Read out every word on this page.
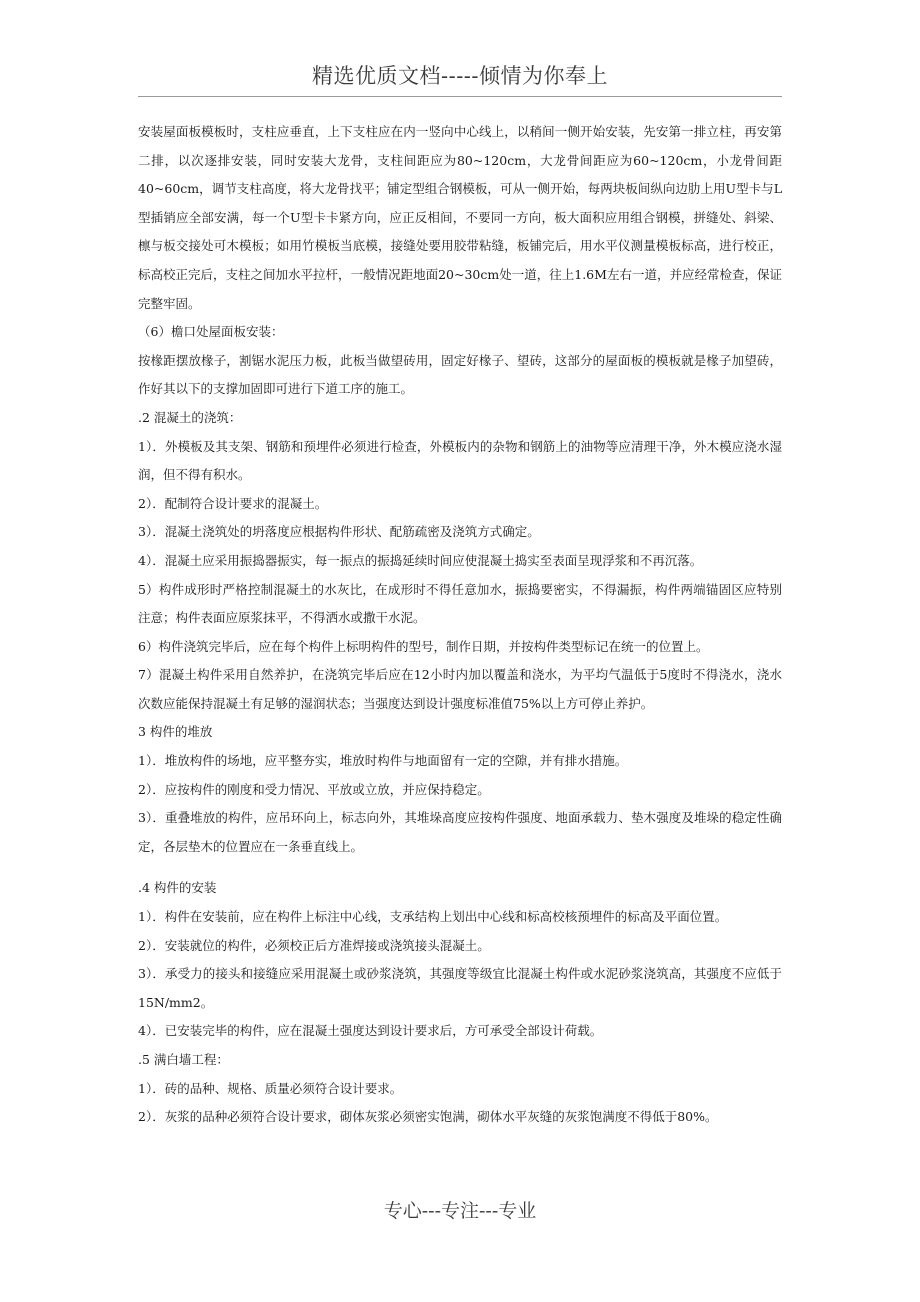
精选优质文档-----倾情为你奉上

安装屋面板模板时，支柱应垂直，上下支柱应在内一竖向中心线上，以稍间一侧开始安装，先安第一排立柱，再安第二排，以次逐排安装，同时安装大龙骨，支柱间距应为80~120cm，大龙骨间距应为60~120cm，小龙骨间距40~60cm，调节支柱高度，将大龙骨找平；铺定型组合钢模板，可从一侧开始，每两块板间纵向边肋上用U型卡与L型插销应全部安满，每一个U型卡卡紧方向，应正反相间，不要同一方向，板大面积应用组合钢模，拼缝处、斜梁、檩与板交接处可木模板；如用竹模板当底模，接缝处要用胶带粘缝，板铺完后，用水平仪测量模板标高，进行校正，标高校正完后，支柱之间加水平拉杆，一般情况距地面20~30cm处一道，往上1.6M左右一道，并应经常检查，保证完整牢固。

（6）檐口处屋面板安装：

按椽距摆放椽子，割锯水泥压力板，此板当做望砖用，固定好椽子、望砖，这部分的屋面板的模板就是椽子加望砖，作好其以下的支撑加固即可进行下道工序的施工。

.2 混凝土的浇筑：

1）．外模板及其支架、钢筋和预埋件必须进行检查，外模板内的杂物和钢筋上的油物等应清理干净，外木模应浇水湿润，但不得有积水。

2）．配制符合设计要求的混凝土。

3）．混凝土浇筑处的坍落度应根据构件形状、配筋疏密及浇筑方式确定。

4）．混凝土应采用振捣器振实，每一振点的振捣延续时间应使混凝土捣实至表面呈现浮浆和不再沉落。

5）构件成形时严格控制混凝土的水灰比，在成形时不得任意加水，振捣要密实，不得漏振，构件两端锚固区应特别注意；构件表面应原浆抹平，不得洒水或撒干水泥。

6）构件浇筑完毕后，应在每个构件上标明构件的型号，制作日期，并按构件类型标记在统一的位置上。

7）混凝土构件采用自然养护，在浇筑完毕后应在12小时内加以覆盖和浇水，为平均气温低于5度时不得浇水，浇水次数应能保持混凝土有足够的湿润状态；当强度达到设计强度标准值75%以上方可停止养护。

3 构件的堆放

1）．堆放构件的场地，应平整夯实，堆放时构件与地面留有一定的空隙，并有排水措施。

2）．应按构件的刚度和受力情况、平放或立放，并应保持稳定。

3）．重叠堆放的构件，应吊环向上，标志向外，其堆垛高度应按构件强度、地面承载力、垫木强度及堆垛的稳定性确定，各层垫木的位置应在一条垂直线上。

.4 构件的安装

1）．构件在安装前，应在构件上标注中心线，支承结构上划出中心线和标高校核预埋件的标高及平面位置。

2）．安装就位的构件，必须校正后方准焊接或浇筑接头混凝土。

3）．承受力的接头和接缝应采用混凝土或砂浆浇筑，其强度等级宜比混凝土构件或水泥砂浆浇筑高，其强度不应低于15N/mm2。

4）．已安装完毕的构件，应在混凝土强度达到设计要求后，方可承受全部设计荷载。

.5 满白墙工程：

1）．砖的品种、规格、质量必须符合设计要求。

2）．灰浆的品种必须符合设计要求，砌体灰浆必须密实饱满，砌体水平灰缝的灰浆饱满度不得低于80%。

专心---专注---专业
